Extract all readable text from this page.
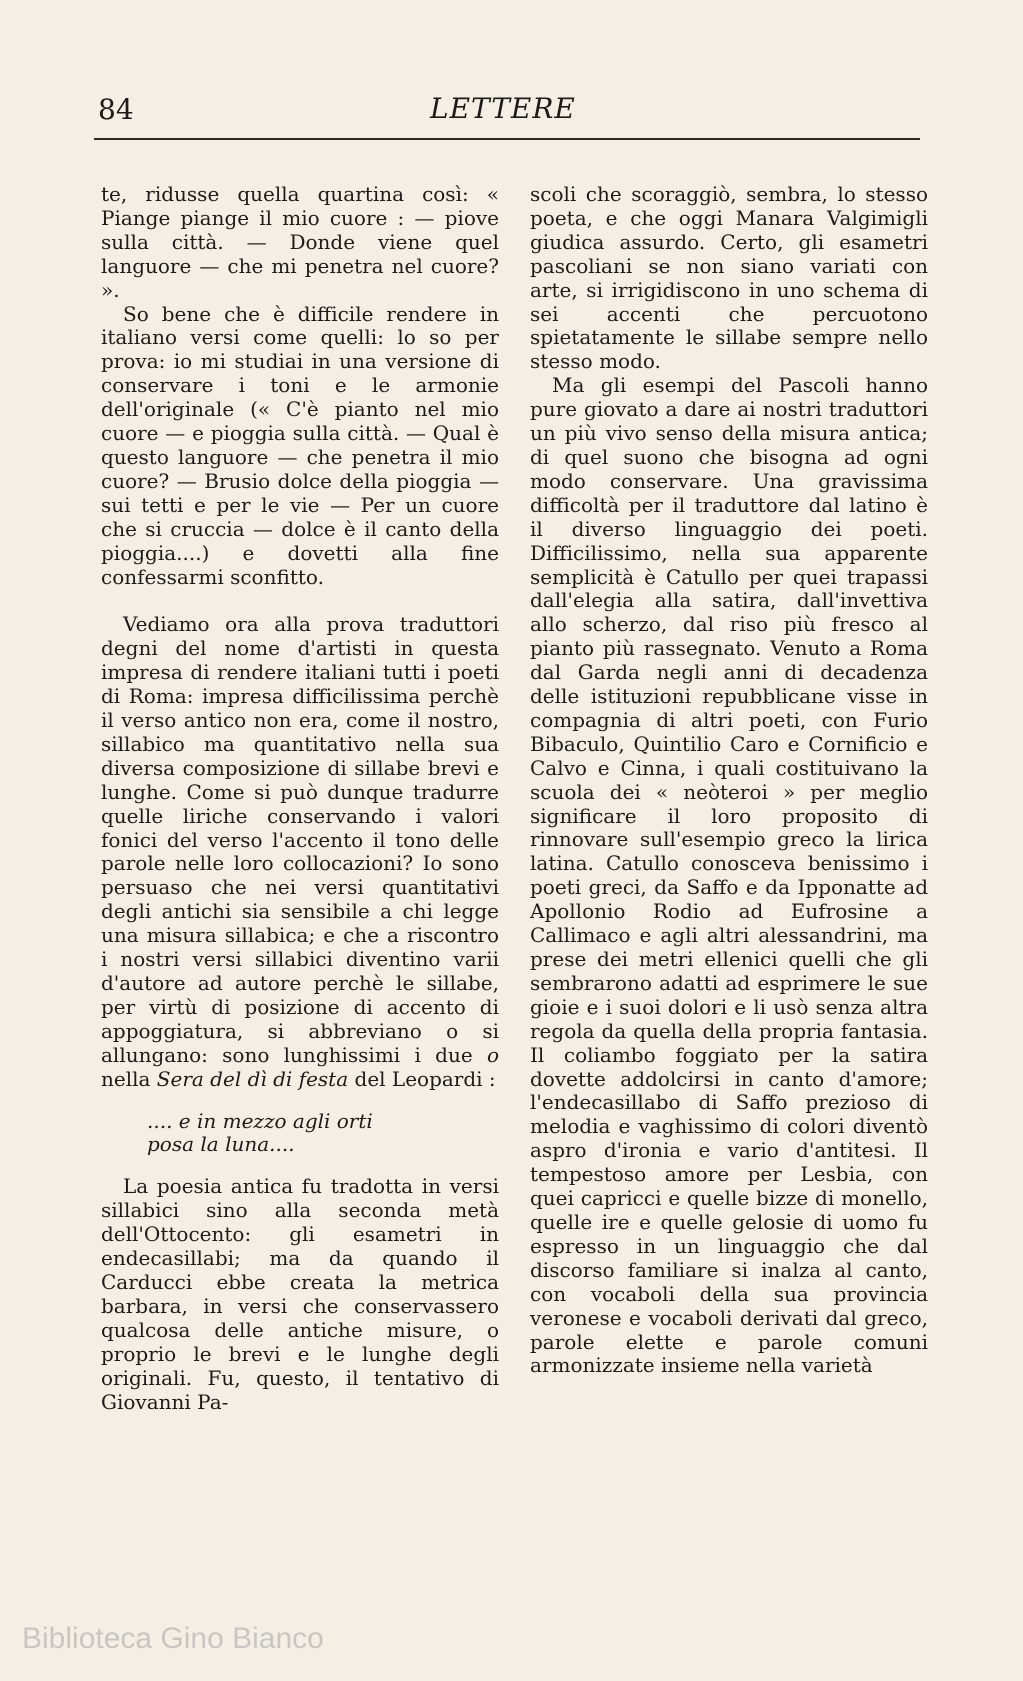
84	LETTERE

te, ridusse quella quartina così: « Piange piange il mio cuore : — piove sulla città. — Donde viene quel languore — che mi penetra nel cuore? ».

So bene che è difficile rendere in italiano versi come quelli: lo so per prova: io mi studiai in una versione di conservare i toni e le armonie dell'originale (« C'è pianto nel mio cuore — e pioggia sulla città. — Qual è questo languore — che penetra il mio cuore? — Brusio dolce della pioggia — sui tetti e per le vie — Per un cuore che si cruccia — dolce è il canto della pioggia....) e dovetti alla fine confessarmi sconfitto.

Vediamo ora alla prova traduttori degni del nome d'artisti in questa impresa di rendere italiani tutti i poeti di Roma: impresa difficilissima perchè il verso antico non era, come il nostro, sillabico ma quantitativo nella sua diversa composizione di sillabe brevi e lunghe. Come si può dunque tradurre quelle liriche conservando i valori fonici del verso l'accento il tono delle parole nelle loro collocazioni? Io sono persuaso che nei versi quantitativi degli antichi sia sensibile a chi legge una misura sillabica; e che a riscontro i nostri versi sillabici diventino varii d'autore ad autore perchè le sillabe, per virtù di posizione di accento di appoggiatura, si abbreviano o si allungano: sono lunghissimi i due o nella Sera del dì di festa del Leopardi :

.... e in mezzo agli orti
posa la luna....

La poesia antica fu tradotta in versi sillabici sino alla seconda metà dell'Ottocento: gli esametri in endecasillabi; ma da quando il Carducci ebbe creata la metrica barbara, in versi che conservassero qualcosa delle antiche misure, o proprio le brevi e le lunghe degli originali. Fu, questo, il tentativo di Giovanni Pa-

scoli che scoraggiò, sembra, lo stesso poeta, e che oggi Manara Valgimigli giudica assurdo. Certo, gli esametri pascoliani se non siano variati con arte, si irrigidiscono in uno schema di sei accenti che percuotono spietatamente le sillabe sempre nello stesso modo.

Ma gli esempi del Pascoli hanno pure giovato a dare ai nostri traduttori un più vivo senso della misura antica; di quel suono che bisogna ad ogni modo conservare. Una gravissima difficoltà per il traduttore dal latino è il diverso linguaggio dei poeti. Difficilissimo, nella sua apparente semplicità è Catullo per quei trapassi dall'elegia alla satira, dall'invettiva allo scherzo, dal riso più fresco al pianto più rassegnato. Venuto a Roma dal Garda negli anni di decadenza delle istituzioni repubblicane visse in compagnia di altri poeti, con Furio Bibaculo, Quintilio Caro e Cornificio e Calvo e Cinna, i quali costituivano la scuola dei « neòteroi » per meglio significare il loro proposito di rinnovare sull'esempio greco la lirica latina. Catullo conosceva benissimo i poeti greci, da Saffo e da Ipponatte ad Apollonio Rodio ad Eufrosine a Callimaco e agli altri alessandrini, ma prese dei metri ellenici quelli che gli sembrarono adatti ad esprimere le sue gioie e i suoi dolori e li usò senza altra regola da quella della propria fantasia. Il coliambo foggiato per la satira dovette addolcirsi in canto d'amore; l'endecasillabo di Saffo prezioso di melodia e vaghissimo di colori diventò aspro d'ironia e vario d'antitesi. Il tempestoso amore per Lesbia, con quei capricci e quelle bizze di monello, quelle ire e quelle gelosie di uomo fu espresso in un linguaggio che dal discorso familiare si inalza al canto, con vocaboli della sua provincia veronese e vocaboli derivati dal greco, parole elette e parole comuni armonizzate insieme nella varietà

Biblioteca Gino Bianco
